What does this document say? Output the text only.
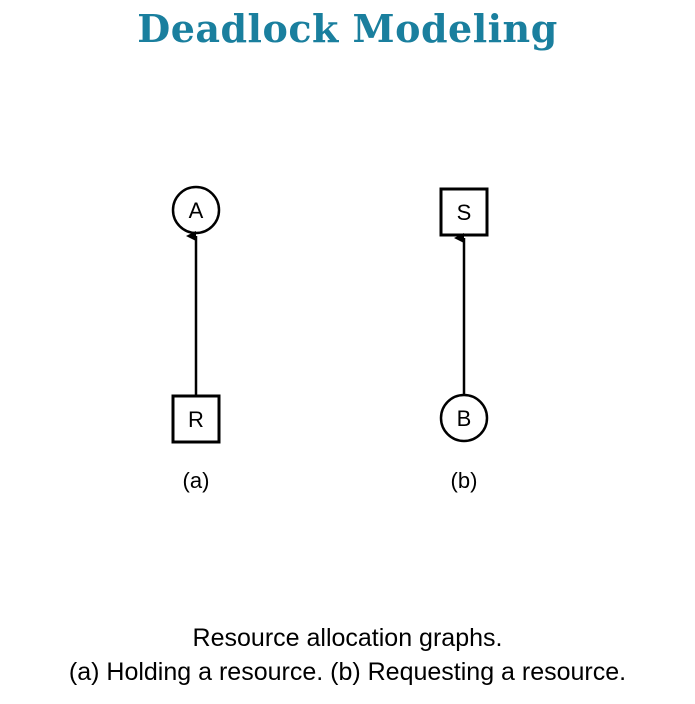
Deadlock Modeling
A
R
(a)
S
B
(b)
Resource allocation graphs.
(a) Holding a resource. (b) Requesting a resource.
